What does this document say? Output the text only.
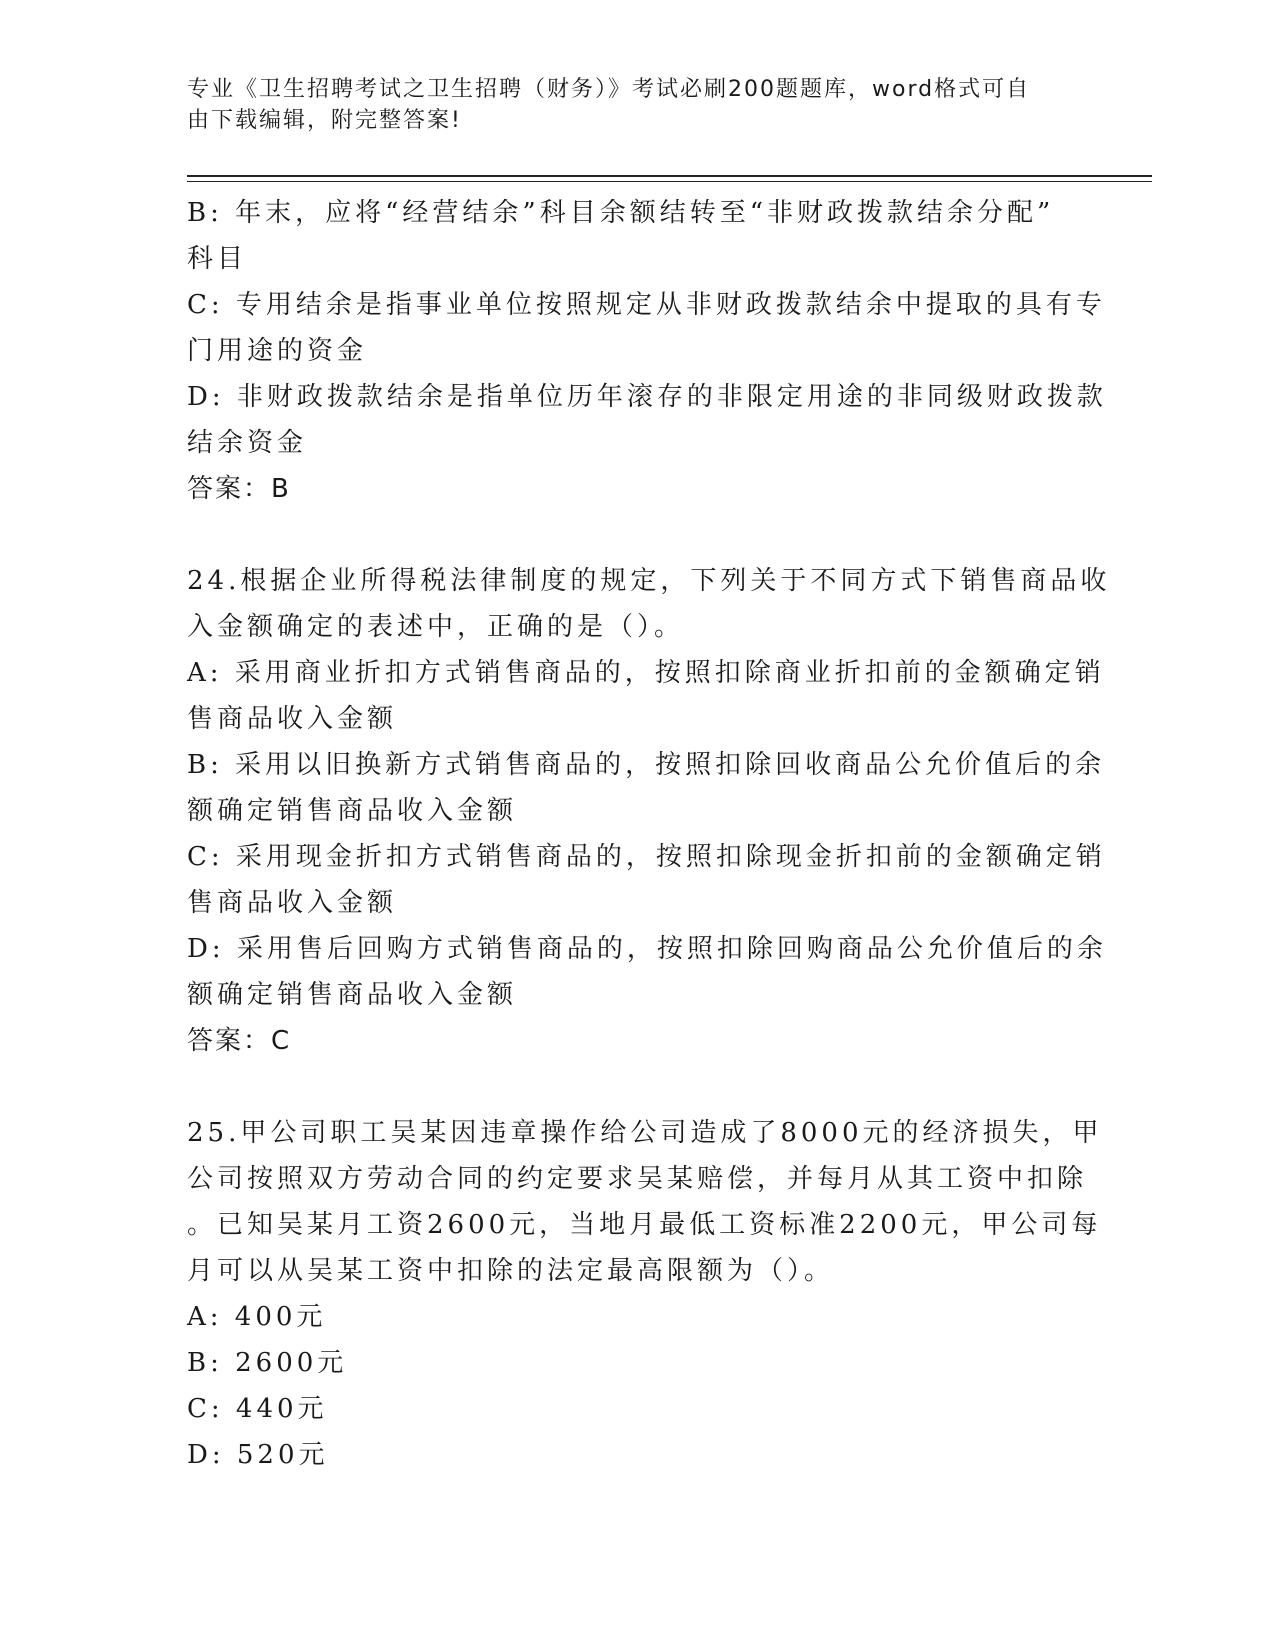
专业《卫生招聘考试之卫生招聘（财务）》考试必刷200题题库，word格式可自
由下载编辑，附完整答案!
B: 年末，应将“经营结余”科目余额结转至“非财政拨款结余分配”
科目
C: 专用结余是指事业单位按照规定从非财政拨款结余中提取的具有专
门用途的资金
D: 非财政拨款结余是指单位历年滚存的非限定用途的非同级财政拨款
结余资金
答案：B
24.根据企业所得税法律制度的规定，下列关于不同方式下销售商品收
入金额确定的表述中，正确的是（）。
A: 采用商业折扣方式销售商品的，按照扣除商业折扣前的金额确定销
售商品收入金额
B: 采用以旧换新方式销售商品的，按照扣除回收商品公允价值后的余
额确定销售商品收入金额
C: 采用现金折扣方式销售商品的，按照扣除现金折扣前的金额确定销
售商品收入金额
D: 采用售后回购方式销售商品的，按照扣除回购商品公允价值后的余
额确定销售商品收入金额
答案：C
25.甲公司职工吴某因违章操作给公司造成了8000元的经济损失，甲
公司按照双方劳动合同的约定要求吴某赔偿，并每月从其工资中扣除
。已知吴某月工资2600元，当地月最低工资标准2200元，甲公司每
月可以从吴某工资中扣除的法定最高限额为（）。
A: 400元
B: 2600元
C: 440元
D: 520元
